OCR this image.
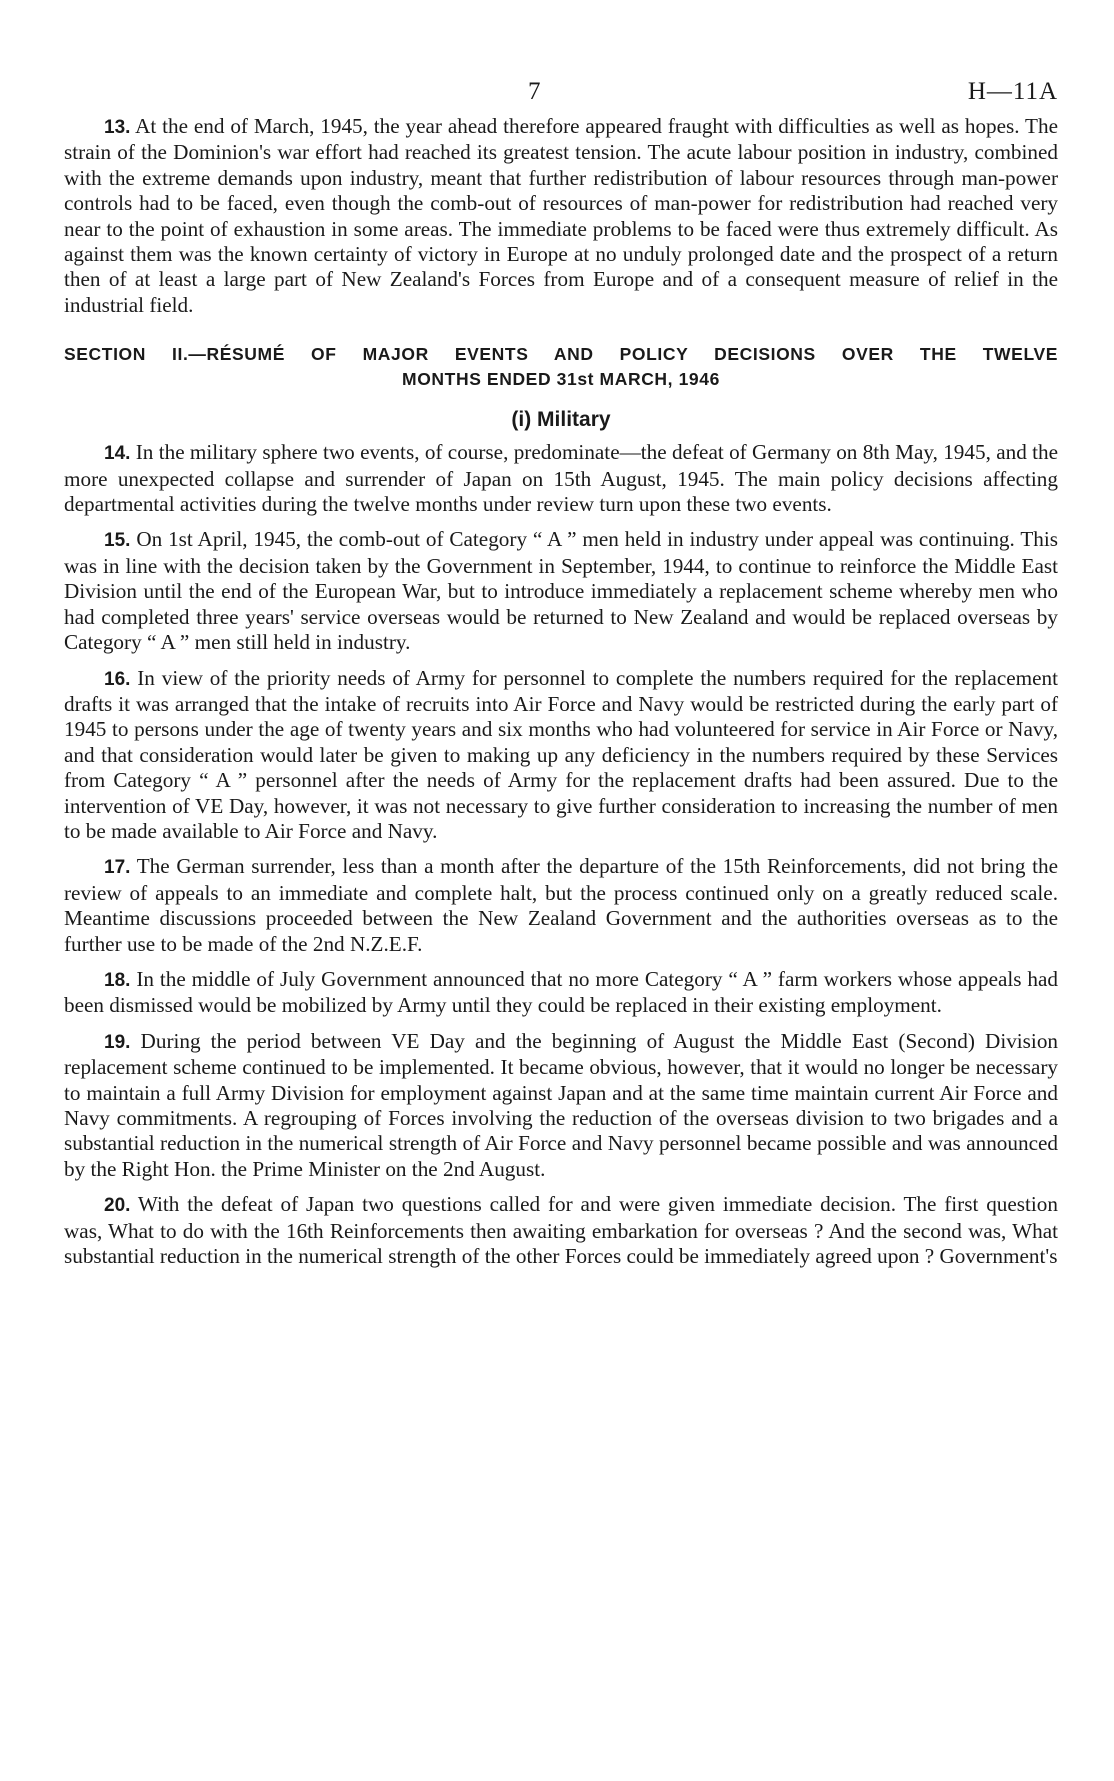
7	H—11A

13. At the end of March, 1945, the year ahead therefore appeared fraught with difficulties as well as hopes. The strain of the Dominion's war effort had reached its greatest tension. The acute labour position in industry, combined with the extreme demands upon industry, meant that further redistribution of labour resources through man-power controls had to be faced, even though the comb-out of resources of man-power for redistribution had reached very near to the point of exhaustion in some areas. The immediate problems to be faced were thus extremely difficult. As against them was the known certainty of victory in Europe at no unduly prolonged date and the prospect of a return then of at least a large part of New Zealand's Forces from Europe and of a consequent measure of relief in the industrial field.

SECTION II.—RÉSUMÉ OF MAJOR EVENTS AND POLICY DECISIONS OVER THE TWELVE
MONTHS ENDED 31st MARCH, 1946

(i) Military

14. In the military sphere two events, of course, predominate—the defeat of Germany on 8th May, 1945, and the more unexpected collapse and surrender of Japan on 15th August, 1945. The main policy decisions affecting departmental activities during the twelve months under review turn upon these two events.

15. On 1st April, 1945, the comb-out of Category “ A ” men held in industry under appeal was continuing. This was in line with the decision taken by the Government in September, 1944, to continue to reinforce the Middle East Division until the end of the European War, but to introduce immediately a replacement scheme whereby men who had completed three years' service overseas would be returned to New Zealand and would be replaced overseas by Category “ A ” men still held in industry.

16. In view of the priority needs of Army for personnel to complete the numbers required for the replacement drafts it was arranged that the intake of recruits into Air Force and Navy would be restricted during the early part of 1945 to persons under the age of twenty years and six months who had volunteered for service in Air Force or Navy, and that consideration would later be given to making up any deficiency in the numbers required by these Services from Category “ A ” personnel after the needs of Army for the replacement drafts had been assured. Due to the intervention of VE Day, however, it was not necessary to give further consideration to increasing the number of men to be made available to Air Force and Navy.

17. The German surrender, less than a month after the departure of the 15th Reinforcements, did not bring the review of appeals to an immediate and complete halt, but the process continued only on a greatly reduced scale. Meantime discussions proceeded between the New Zealand Government and the authorities overseas as to the further use to be made of the 2nd N.Z.E.F.

18. In the middle of July Government announced that no more Category “ A ” farm workers whose appeals had been dismissed would be mobilized by Army until they could be replaced in their existing employment.

19. During the period between VE Day and the beginning of August the Middle East (Second) Division replacement scheme continued to be implemented. It became obvious, however, that it would no longer be necessary to maintain a full Army Division for employment against Japan and at the same time maintain current Air Force and Navy commitments. A regrouping of Forces involving the reduction of the overseas division to two brigades and a substantial reduction in the numerical strength of Air Force and Navy personnel became possible and was announced by the Right Hon. the Prime Minister on the 2nd August.

20. With the defeat of Japan two questions called for and were given immediate decision. The first question was, What to do with the 16th Reinforcements then awaiting embarkation for overseas ? And the second was, What substantial reduction in the numerical strength of the other Forces could be immediately agreed upon ? Government's
